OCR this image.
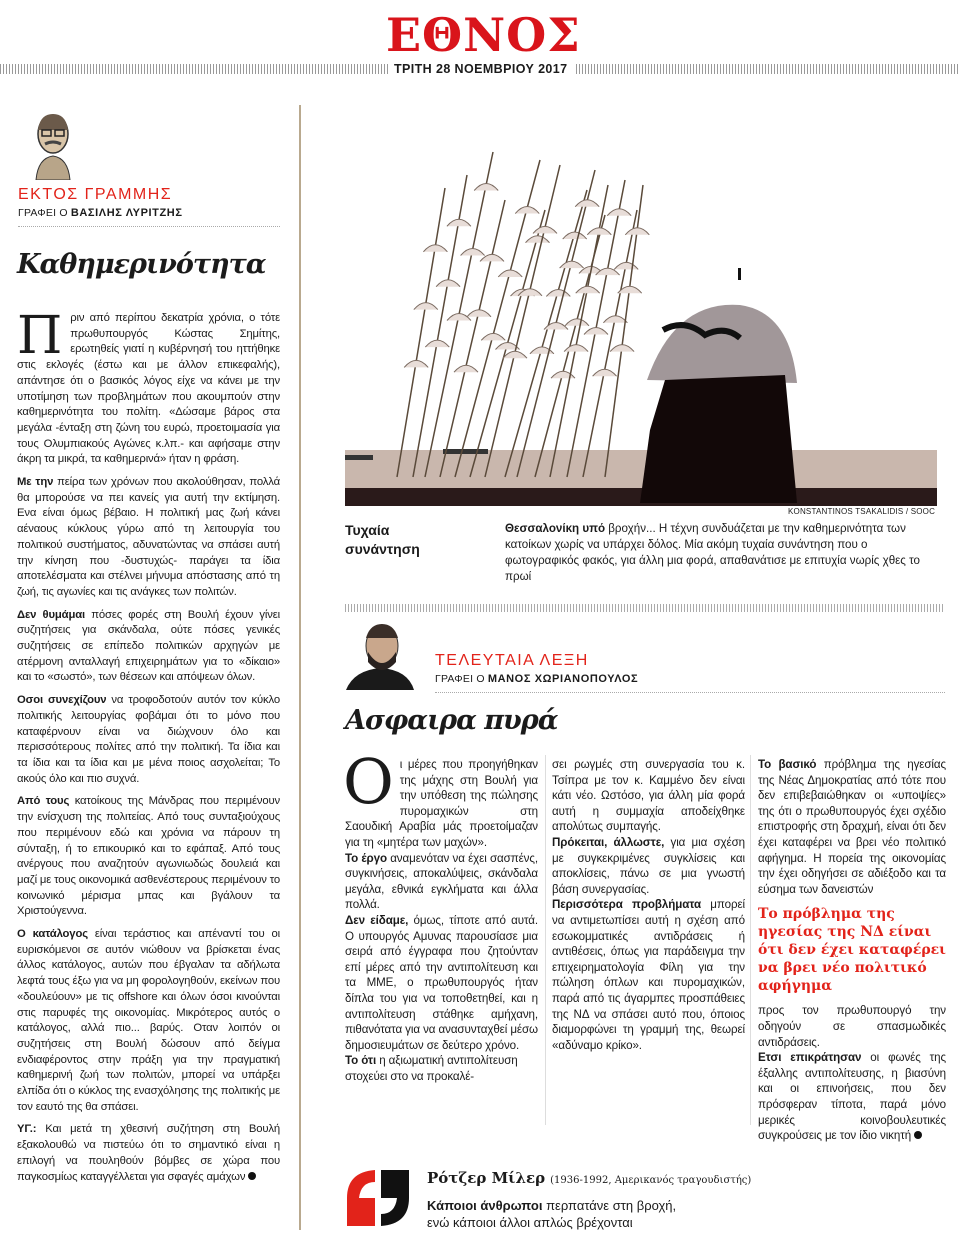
ΕΘΝΟΣ
ΤΡΙΤΗ 28 ΝΟΕΜΒΡΙΟΥ 2017
ΕΚΤΟΣ ΓΡΑΜΜΗΣ
ΓΡΑΦΕΙ Ο ΒΑΣΙΛΗΣ ΛΥΡΙΤΖΗΣ
Καθημερινότητα

Πριν από περίπου δεκατρία χρόνια, ο τότε πρωθυπουργός Κώστας Σημίτης, ερωτηθείς γιατί η κυβέρνησή του ηττήθηκε στις εκλογές (έστω και με άλλον επικεφαλής), απάντησε ότι ο βασικός λόγος είχε να κάνει με την υποτίμηση των προβλημάτων που ακουμπούν στην καθημερινότητα του πολίτη. «Δώσαμε βάρος στα μεγάλα -ένταξη στη ζώνη του ευρώ, προετοιμασία για τους Ολυμπιακούς Αγώνες κ.λπ.- και αφήσαμε στην άκρη τα μικρά, τα καθημερινά» ήταν η φράση.

Με την πείρα των χρόνων που ακολούθησαν, πολλά θα μπορούσε να πει κανείς για αυτή την εκτίμηση. Ενα είναι όμως βέβαιο. Η πολιτική μας ζωή κάνει αέναους κύκλους γύρω από τη λειτουργία του πολιτικού συστήματος, αδυνατώντας να σπάσει αυτή την κίνηση που -δυστυχώς- παράγει τα ίδια αποτελέσματα και στέλνει μήνυμα απόστασης από τη ζωή, τις αγωνίες και τις ανάγκες των πολιτών.

Δεν θυμάμαι πόσες φορές στη Βουλή έχουν γίνει συζητήσεις για σκάνδαλα, ούτε πόσες γενικές συζητήσεις σε επίπεδο πολιτικών αρχηγών με ατέρμονη ανταλλαγή επιχειρημάτων για το «δίκαιο» και το «σωστό», των θέσεων και απόψεων όλων.

Οσοι συνεχίζουν να τροφοδοτούν αυτόν τον κύκλο πολιτικής λειτουργίας φοβάμαι ότι το μόνο που καταφέρνουν είναι να διώχνουν όλο και περισσότερους πολίτες από την πολιτική. Τα ίδια και τα ίδια και τα ίδια και με μένα ποιος ασχολείται; Το ακούς όλο και πιο συχνά.

Από τους κατοίκους της Μάνδρας που περιμένουν την ενίσχυση της πολιτείας. Από τους συνταξιούχους που περιμένουν εδώ και χρόνια να πάρουν τη σύνταξη, ή το επικουρικό και το εφάπαξ. Από τους ανέργους που αναζητούν αγωνιωδώς δουλειά και μαζί με τους οικονομικά ασθενέστερους περιμένουν το κοινωνικό μέρισμα μπας και βγάλουν τα Χριστούγεννα.

Ο κατάλογος είναι τεράστιος και απέναντί του οι ευρισκόμενοι σε αυτόν νιώθουν να βρίσκεται ένας άλλος κατάλογος, αυτών που έβγαλαν τα αδήλωτα λεφτά τους έξω για να μη φορολογηθούν, εκείνων που «δουλεύουν» με τις offshore και όλων όσοι κινούνται στις παρυφές της οικονομίας. Μικρότερος αυτός ο κατάλογος, αλλά πιο... βαρύς. Οταν λοιπόν οι συζητήσεις στη Βουλή δώσουν από δείγμα ενδιαφέροντος στην πράξη για την πραγματική καθημερινή ζωή των πολιτών, μπορεί να υπάρξει ελπίδα ότι ο κύκλος της ενασχόλησης της πολιτικής με τον εαυτό της θα σπάσει.

ΥΓ.: Και μετά τη χθεσινή συζήτηση στη Βουλή εξακολουθώ να πιστεύω ότι το σημαντικό είναι η επιλογή να πουληθούν βόμβες σε χώρα που παγκοσμίως καταγγέλλεται για σφαγές αμάχων

KONSTANTINOS TSAKALIDIS / SOOC
Τυχαία συνάντηση
Θεσσαλονίκη υπό βροχήν... Η τέχνη συνδυάζεται με την καθημερινότητα των κατοίκων χωρίς να υπάρχει δόλος. Μία ακόμη τυχαία συνάντηση που ο φωτογραφικός φακός, για άλλη μια φορά, απαθανάτισε με επιτυχία νωρίς χθες το πρωί
ΤΕΛΕΥΤΑΙΑ ΛΕΞΗ
ΓΡΑΦΕΙ Ο ΜΑΝΟΣ ΧΩΡΙΑΝΟΠΟΥΛΟΣ
Ασφαιρα πυρά

Οι μέρες που προηγήθηκαν της μάχης στη Βουλή για την υπόθεση της πώλησης πυρομαχικών στη Σαουδική Αραβία μάς προετοίμαζαν για τη «μητέρα των μαχών».

Το έργο αναμενόταν να έχει σασπένς, συγκινήσεις, αποκαλύψεις, σκάνδαλα μεγάλα, εθνικά εγκλήματα και άλλα πολλά.

Δεν είδαμε, όμως, τίποτε από αυτά. Ο υπουργός Αμυνας παρουσίασε μια σειρά από έγγραφα που ζητούνταν επί μέρες από την αντιπολίτευση και τα ΜΜΕ, ο πρωθυπουργός ήταν δίπλα του για να τοποθετηθεί, και η αντιπολίτευση στάθηκε αμήχανη, πιθανότατα για να ανασυνταχθεί μέσω δημοσιευμάτων σε δεύτερο χρόνο.

Το ότι η αξιωματική αντιπολίτευση στοχεύει στο να προκαλέ-

σει ρωγμές στη συνεργασία του κ. Τσίπρα με τον κ. Καμμένο δεν είναι κάτι νέο. Ωστόσο, για άλλη μία φορά αυτή η συμμαχία αποδείχθηκε απολύτως συμπαγής.

Πρόκειται, άλλωστε, για μια σχέση με συγκεκριμένες συγκλίσεις και αποκλίσεις, πάνω σε μια γνωστή βάση συνεργασίας.

Περισσότερα προβλήματα μπορεί να αντιμετωπίσει αυτή η σχέση από εσωκομματικές αντιδράσεις ή αντιθέσεις, όπως για παράδειγμα την επιχειρηματολογία Φίλη για την πώληση όπλων και πυρομαχικών, παρά από τις άγαρμπες προσπάθειες της ΝΔ να σπάσει αυτό που, όποιος διαμορφώνει τη γραμμή της, θεωρεί «αδύναμο κρίκο».

Το βασικό πρόβλημα της ηγεσίας της Νέας Δημοκρατίας από τότε που δεν επιβεβαιώθηκαν οι «υποψίες» της ότι ο πρωθυπουργός έχει σχέδιο επιστροφής στη δραχμή, είναι ότι δεν έχει καταφέρει να βρει νέο πολιτικό αφήγημα. Η πορεία της οικονομίας την έχει οδηγήσει σε αδιέξοδο και τα εύσημα των δανειστών

Το πρόβλημα της ηγεσίας της ΝΔ είναι ότι δεν έχει καταφέρει να βρει νέο πολιτικό αφήγημα

προς τον πρωθυπουργό την οδηγούν σε σπασμωδικές αντιδράσεις.

Ετσι επικράτησαν οι φωνές της έξαλλης αντιπολίτευσης, η βιασύνη και οι επινοήσεις, που δεν πρόσφεραν τίποτα, παρά μόνο μερικές κοινοβουλευτικές συγκρούσεις με τον ίδιο νικητή

Ρότζερ Μίλερ (1936-1992, Αμερικανός τραγουδιστής)
Κάποιοι άνθρωποι περπατάνε στη βροχή,
ενώ κάποιοι άλλοι απλώς βρέχονται
